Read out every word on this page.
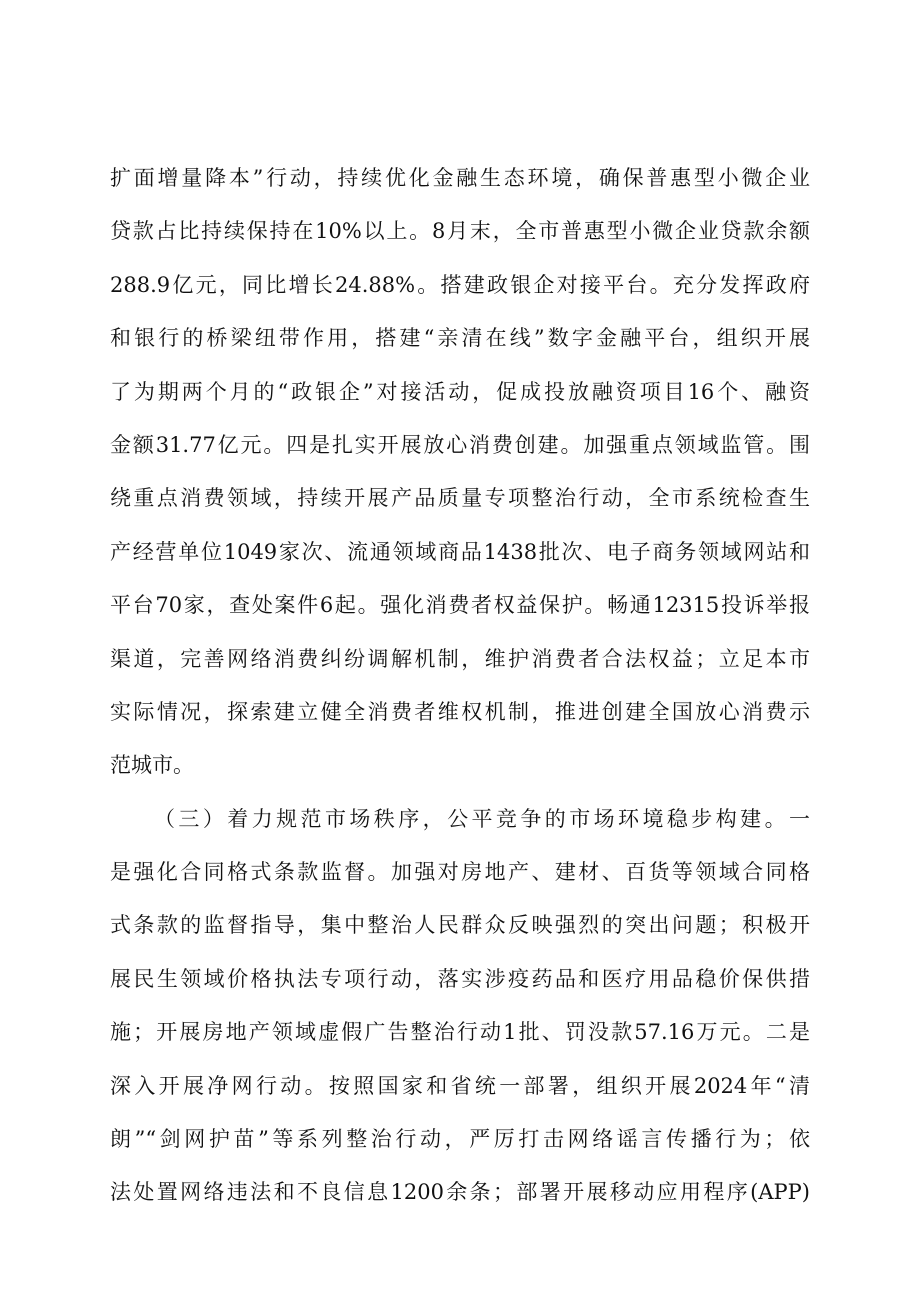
扩面增量降本”行动，持续优化金融生态环境，确保普惠型小微企业
贷款占比持续保持在10%以上。8月末，全市普惠型小微企业贷款余额
288.9亿元，同比增长24.88%。搭建政银企对接平台。充分发挥政府
和银行的桥梁纽带作用，搭建“亲清在线”数字金融平台，组织开展
了为期两个月的“政银企”对接活动，促成投放融资项目16个、融资
金额31.77亿元。四是扎实开展放心消费创建。加强重点领域监管。围
绕重点消费领域，持续开展产品质量专项整治行动，全市系统检查生
产经营单位1049家次、流通领域商品1438批次、电子商务领域网站和
平台70家，查处案件6起。强化消费者权益保护。畅通12315投诉举报
渠道，完善网络消费纠纷调解机制，维护消费者合法权益；立足本市
实际情况，探索建立健全消费者维权机制，推进创建全国放心消费示
范城市。
（三）着力规范市场秩序，公平竞争的市场环境稳步构建。一
是强化合同格式条款监督。加强对房地产、建材、百货等领域合同格
式条款的监督指导，集中整治人民群众反映强烈的突出问题；积极开
展民生领域价格执法专项行动，落实涉疫药品和医疗用品稳价保供措
施；开展房地产领域虚假广告整治行动1批、罚没款57.16万元。二是
深入开展净网行动。按照国家和省统一部署，组织开展2024年“清
朗”“剑网护苗”等系列整治行动，严厉打击网络谣言传播行为；依
法处置网络违法和不良信息1200余条；部署开展移动应用程序(APP)
